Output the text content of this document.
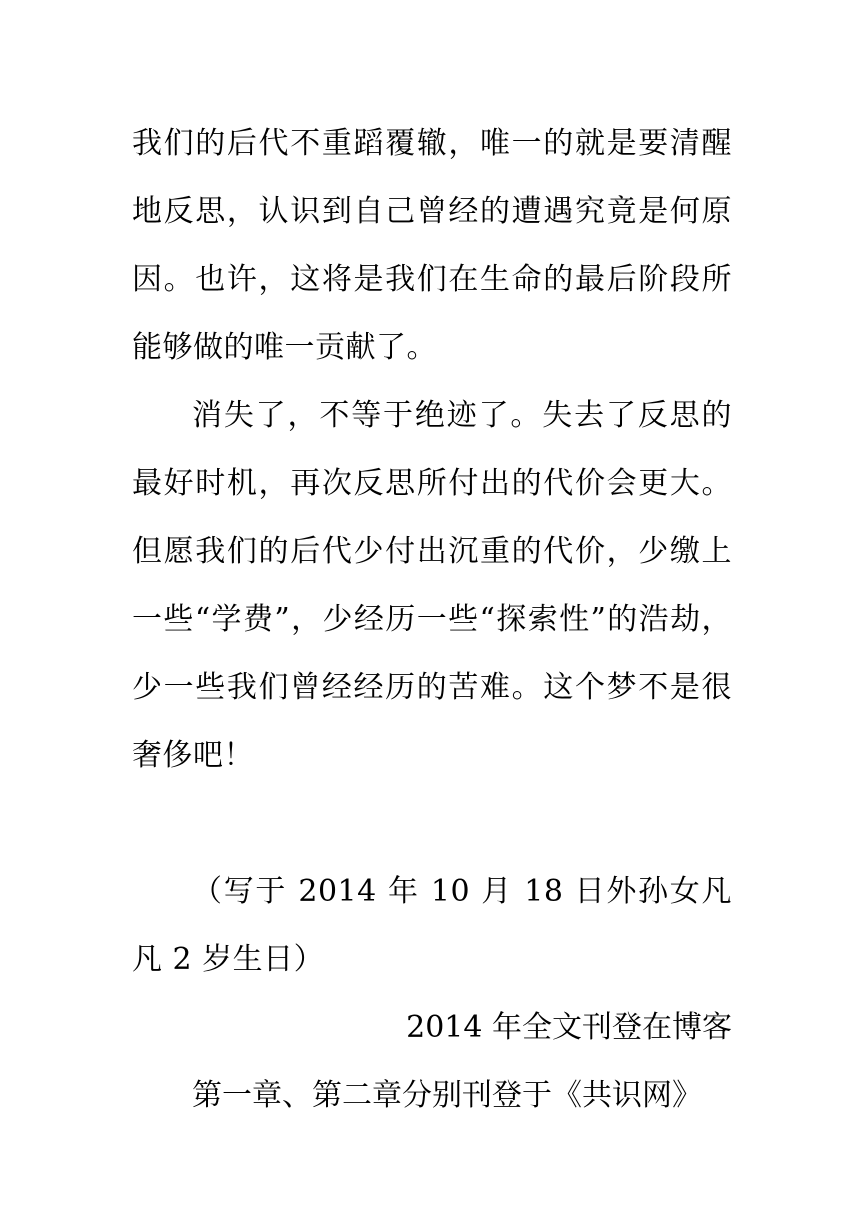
我们的后代不重蹈覆辙，唯一的就是要清醒地反思，认识到自己曾经的遭遇究竟是何原因。也许，这将是我们在生命的最后阶段所能够做的唯一贡献了。

消失了，不等于绝迹了。失去了反思的最好时机，再次反思所付出的代价会更大。但愿我们的后代少付出沉重的代价，少缴上一些“学费”，少经历一些“探索性”的浩劫，少一些我们曾经经历的苦难。这个梦不是很奢侈吧！

（写于 2014 年 10 月 18 日外孙女凡凡 2 岁生日）

2014 年全文刊登在博客

第一章、第二章分别刊登于《共识网》
